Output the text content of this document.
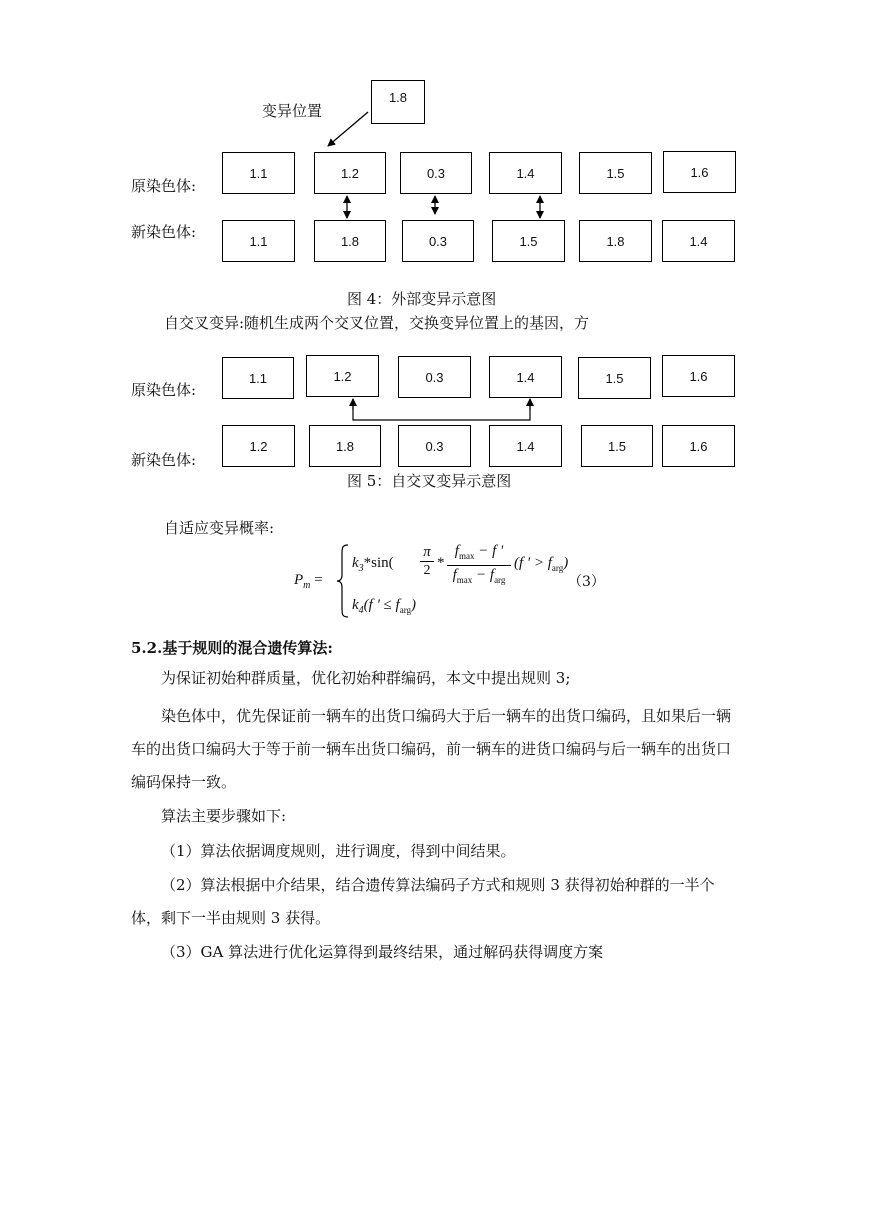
变异位置
1.8
原染色体:
新染色体:
1.1	1.2	0.3	1.4	1.5	1.6
1.1	1.8	0.3	1.5	1.8	1.4
图 4：外部变异示意图
自交叉变异:随机生成两个交叉位置，交换变异位置上的基因，方
原染色体:
新染色体:
1.1	1.2	0.3	1.4	1.5	1.6
1.2	1.8	0.3	1.4	1.5	1.6
图 5：自交叉变异示意图
自适应变异概率:
$P_m$ =
$k_3*\sin$(
π
2 *
$f_{max} - f$ '
$f_{max} - f_{arg}$
(f ' > $f_{arg}$)
$k_4(f$ ' ≤ $f_{arg}$)
（3）
5.2.基于规则的混合遗传算法:
为保证初始种群质量，优化初始种群编码，本文中提出规则 3;
染色体中，优先保证前一辆车的出货口编码大于后一辆车的出货口编码，且如果后一辆车的出货口编码大于等于前一辆车出货口编码，前一辆车的进货口编码与后一辆车的出货口编码保持一致。
算法主要步骤如下:
（1）算法依据调度规则，进行调度，得到中间结果。
（2）算法根据中介结果，结合遗传算法编码子方式和规则 3 获得初始种群的一半个体，剩下一半由规则 3 获得。
（3）GA 算法进行优化运算得到最终结果，通过解码获得调度方案
